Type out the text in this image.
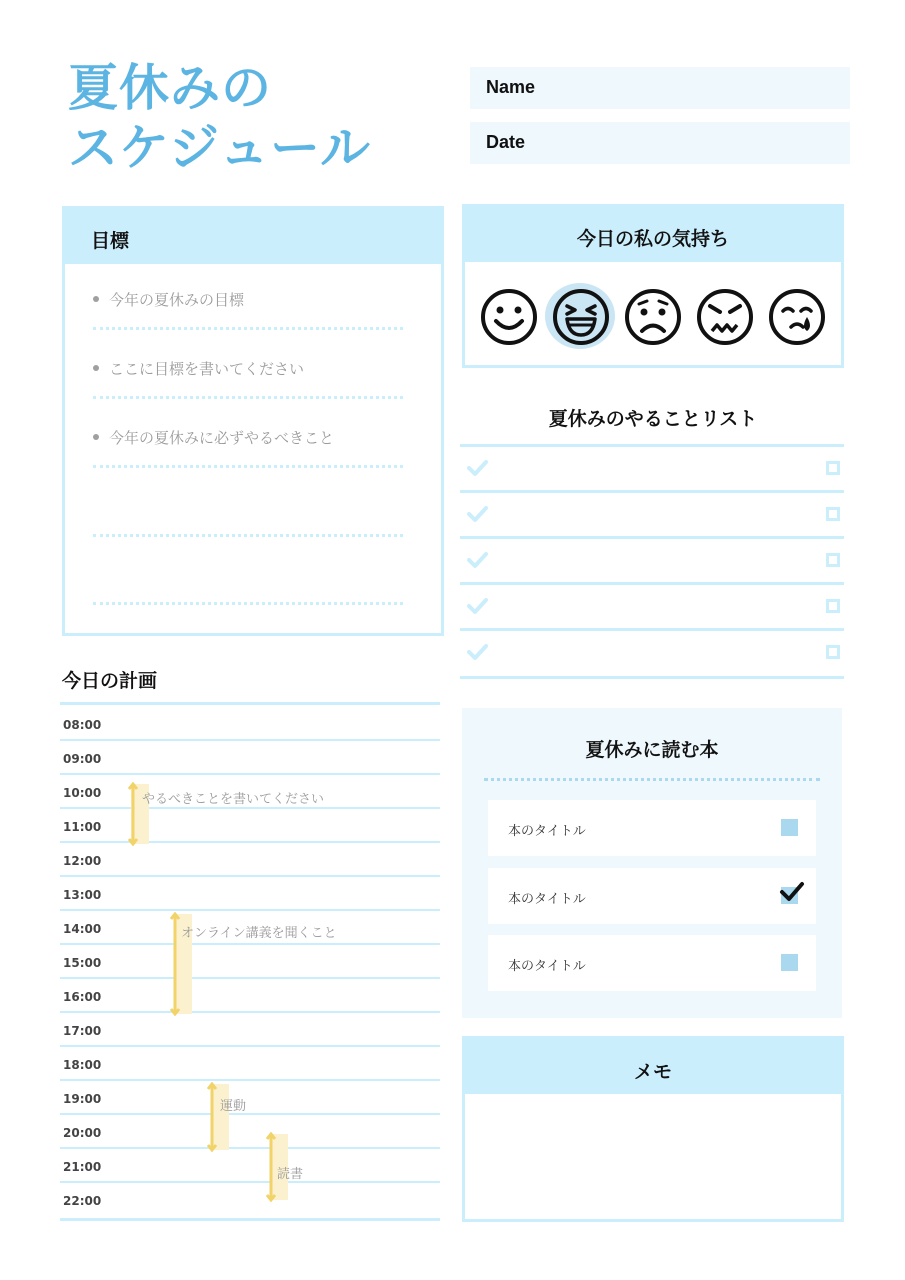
夏休みの
スケジュール
Name
Date
目標
今年の夏休みの目標
ここに目標を書いてください
今年の夏休みに必ずやるべきこと
今日の私の気持ち
夏休みのやることリスト
夏休みに読む本
本のタイトル
本のタイトル
本のタイトル
メモ
今日の計画
08:00
09:00
10:00
11:00
12:00
13:00
14:00
15:00
16:00
17:00
18:00
19:00
20:00
21:00
22:00
やるべきことを書いてください
オンライン講義を聞くこと
運動
読書
